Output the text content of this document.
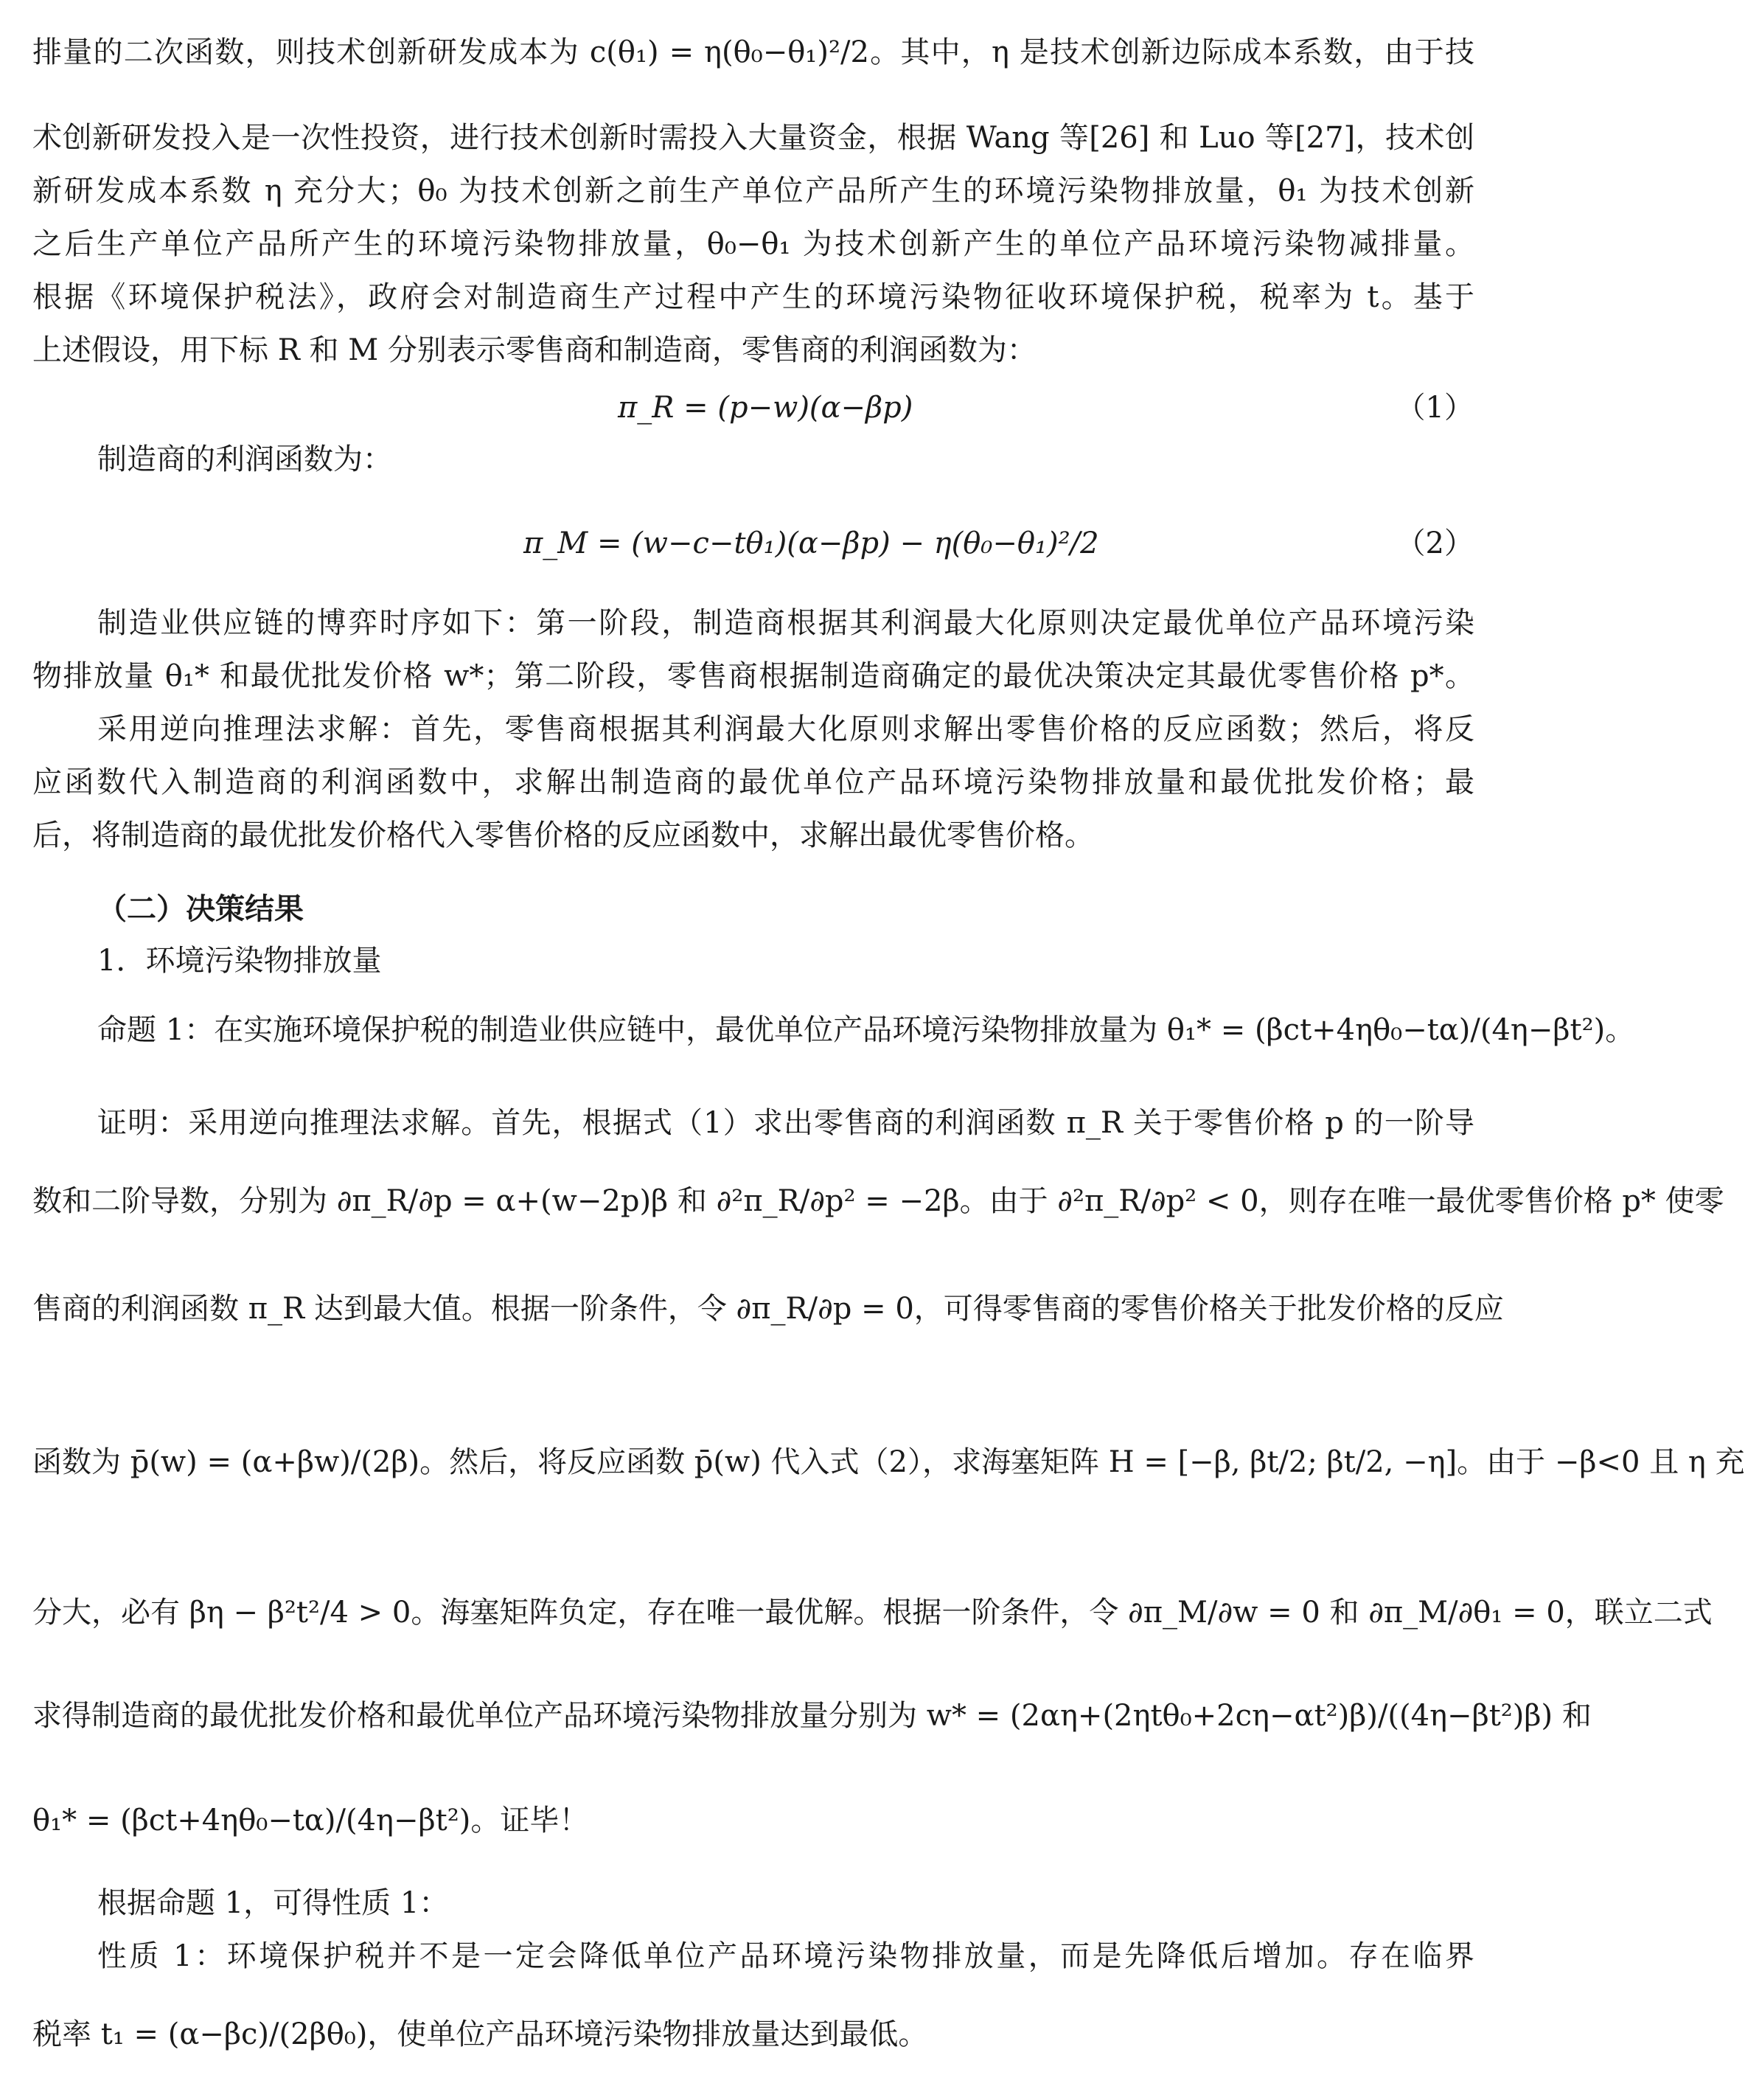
排量的二次函数，则技术创新研发成本为 c(θ₁) = η(θ₀−θ₁)²/2。其中，η 是技术创新边际成本系数，由于技
术创新研发投入是一次性投资，进行技术创新时需投入大量资金，根据 Wang 等[26] 和 Luo 等[27]，技术创
新研发成本系数 η 充分大；θ₀ 为技术创新之前生产单位产品所产生的环境污染物排放量，θ₁ 为技术创新
之后生产单位产品所产生的环境污染物排放量，θ₀−θ₁ 为技术创新产生的单位产品环境污染物减排量。
根据《环境保护税法》，政府会对制造商生产过程中产生的环境污染物征收环境保护税，税率为 t。基于
上述假设，用下标 R 和 M 分别表示零售商和制造商，零售商的利润函数为：
π_R = (p−w)(α−βp)	（1）
制造商的利润函数为：
π_M = (w−c−tθ₁)(α−βp) − η(θ₀−θ₁)²/2	（2）
制造业供应链的博弈时序如下：第一阶段，制造商根据其利润最大化原则决定最优单位产品环境污染
物排放量 θ₁* 和最优批发价格 w*；第二阶段，零售商根据制造商确定的最优决策决定其最优零售价格 p*。
采用逆向推理法求解：首先，零售商根据其利润最大化原则求解出零售价格的反应函数；然后，将反
应函数代入制造商的利润函数中，求解出制造商的最优单位产品环境污染物排放量和最优批发价格；最
后，将制造商的最优批发价格代入零售价格的反应函数中，求解出最优零售价格。
（二）决策结果
1．环境污染物排放量
命题 1：在实施环境保护税的制造业供应链中，最优单位产品环境污染物排放量为 θ₁* = (βct+4ηθ₀−tα)/(4η−βt²)。
证明：采用逆向推理法求解。首先，根据式（1）求出零售商的利润函数 π_R 关于零售价格 p 的一阶导
数和二阶导数，分别为 ∂π_R/∂p = α+(w−2p)β 和 ∂²π_R/∂p² = −2β。由于 ∂²π_R/∂p² < 0，则存在唯一最优零售价格 p* 使零
售商的利润函数 π_R 达到最大值。根据一阶条件，令 ∂π_R/∂p = 0，可得零售商的零售价格关于批发价格的反应
函数为 p̄(w) = (α+βw)/(2β)。然后，将反应函数 p̄(w) 代入式（2），求海塞矩阵 H = [−β, βt/2; βt/2, −η]。由于 −β<0 且 η 充
分大，必有 βη − β²t²/4 > 0。海塞矩阵负定，存在唯一最优解。根据一阶条件，令 ∂π_M/∂w = 0 和 ∂π_M/∂θ₁ = 0，联立二式
求得制造商的最优批发价格和最优单位产品环境污染物排放量分别为 w* = (2αη+(2ηtθ₀+2cη−αt²)β)/((4η−βt²)β) 和
θ₁* = (βct+4ηθ₀−tα)/(4η−βt²)。证毕！
根据命题 1，可得性质 1：
性质 1：环境保护税并不是一定会降低单位产品环境污染物排放量，而是先降低后增加。存在临界
税率 t₁ = (α−βc)/(2βθ₀)，使单位产品环境污染物排放量达到最低。
